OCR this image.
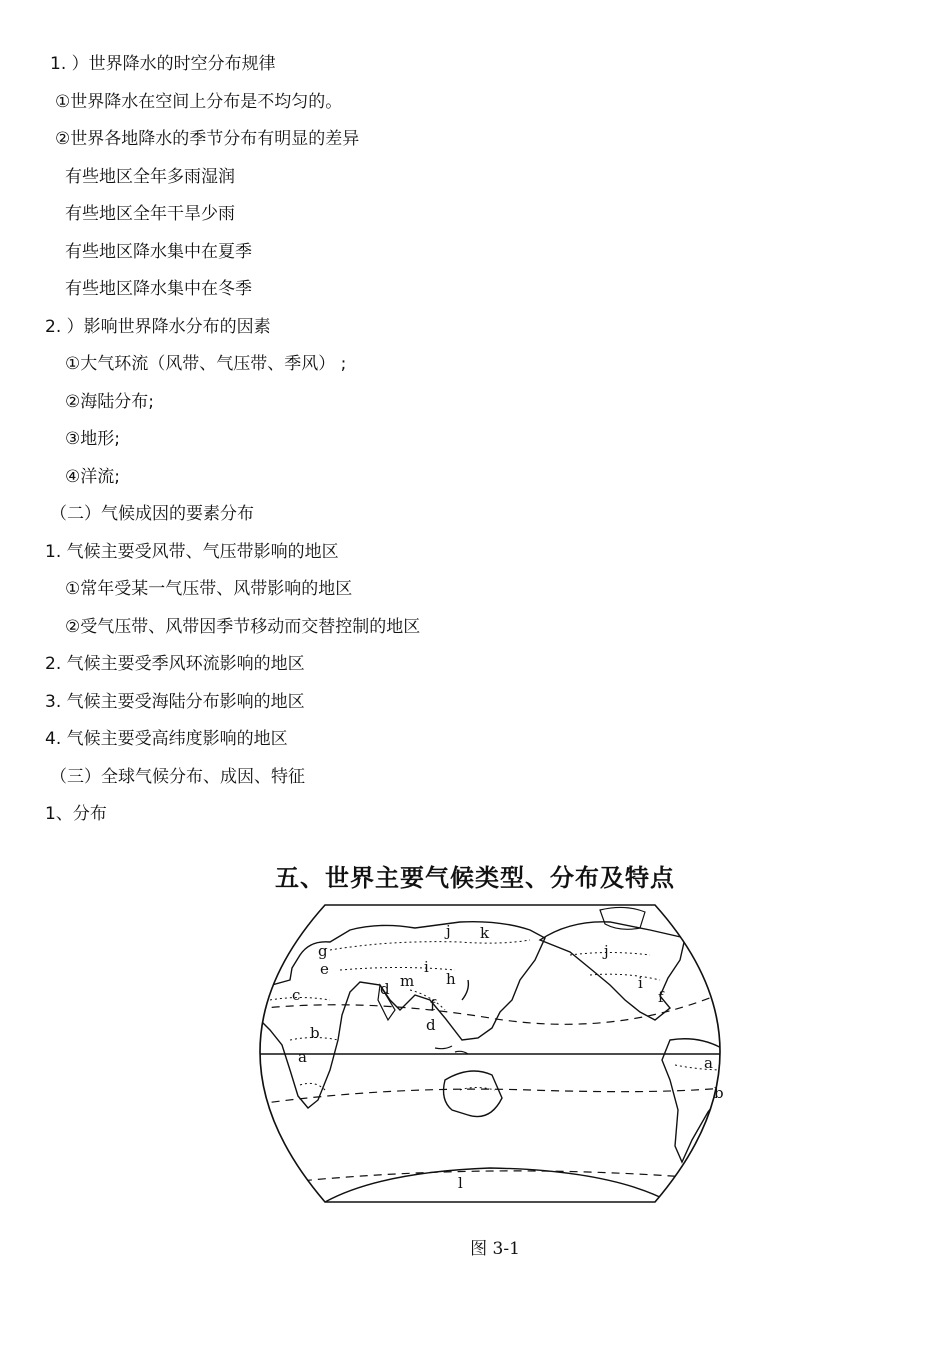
1. ）世界降水的时空分布规律
①世界降水在空间上分布是不均匀的。
②世界各地降水的季节分布有明显的差异
有些地区全年多雨湿润
有些地区全年干旱少雨
有些地区降水集中在夏季
有些地区降水集中在冬季
2. ）影响世界降水分布的因素
①大气环流（风带、气压带、季风） ;
②海陆分布;
③地形;
④洋流;
（二）气候成因的要素分布
1. 气候主要受风带、气压带影响的地区
①常年受某一气压带、风带影响的地区
②受气压带、风带因季节移动而交替控制的地区
2. 气候主要受季风环流影响的地区
3. 气候主要受海陆分布影响的地区
4. 气候主要受高纬度影响的地区
（三）全球气候分布、成因、特征
1、分布
五、世界主要气候类型、分布及特点
g
e
c
b
a
j k
i
h
m
d
f
d
j
i
f
a
b
l
图 3-1
